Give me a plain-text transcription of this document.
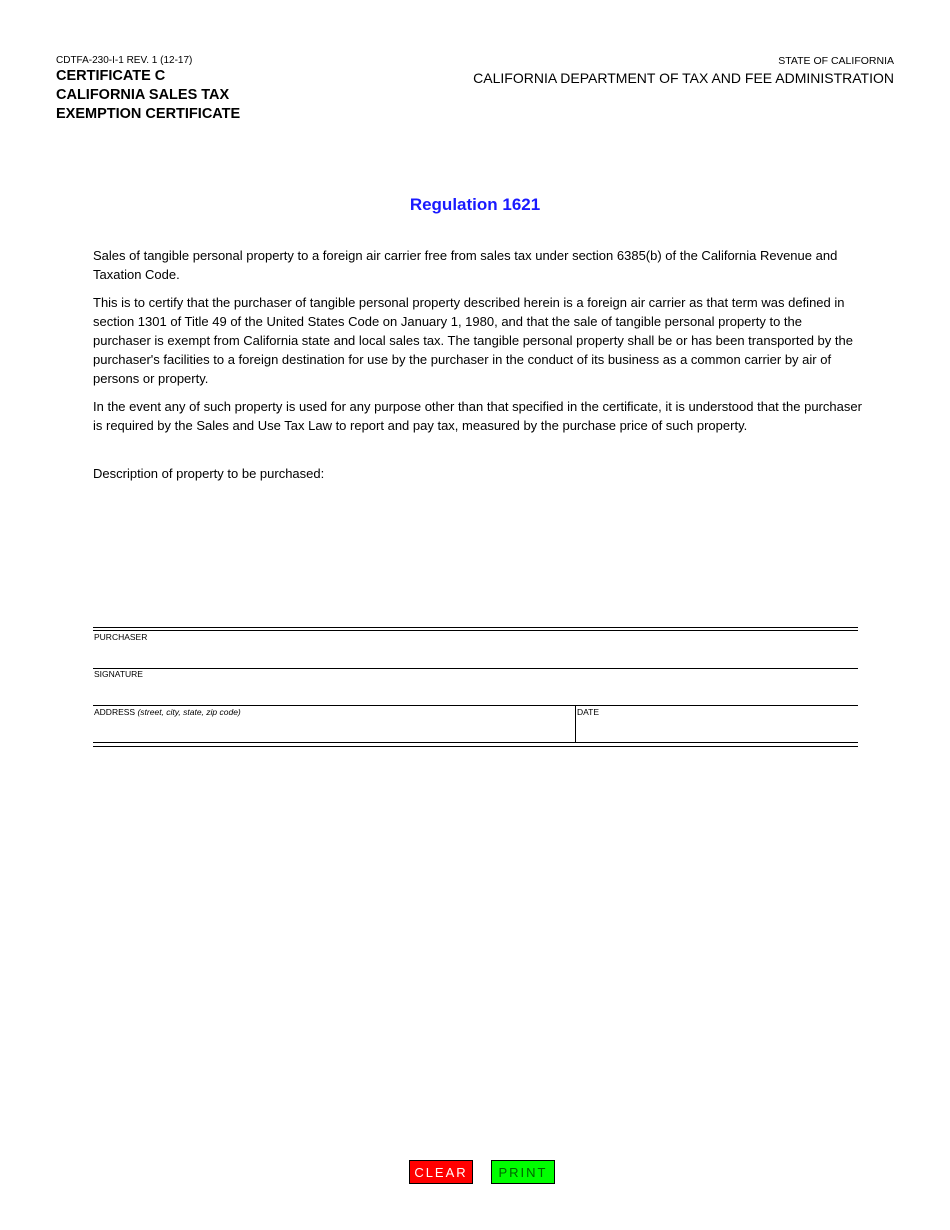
CDTFA-230-I-1 REV. 1 (12-17)
CERTIFICATE C
CALIFORNIA SALES TAX
EXEMPTION CERTIFICATE
STATE OF CALIFORNIA
CALIFORNIA DEPARTMENT OF TAX AND FEE ADMINISTRATION
Regulation 1621

Sales of tangible personal property to a foreign air carrier free from sales tax under section 6385(b) of the California Revenue and Taxation Code.

This is to certify that the purchaser of tangible personal property described herein is a foreign air carrier as that term was defined in section 1301 of Title 49 of the United States Code on January 1, 1980, and that the sale of tangible personal property to the purchaser is exempt from California state and local sales tax. The tangible personal property shall be or has been transported by the purchaser's facilities to a foreign destination for use by the purchaser in the conduct of its business as a common carrier by air of persons or property.

In the event any of such property is used for any purpose other than that specified in the certificate, it is understood that the purchaser is required by the Sales and Use Tax Law to report and pay tax, measured by the purchase price of such property.

Description of property to be purchased:
PURCHASER
SIGNATURE
ADDRESS (street, city, state, zip code)	DATE
CLEAR	PRINT
